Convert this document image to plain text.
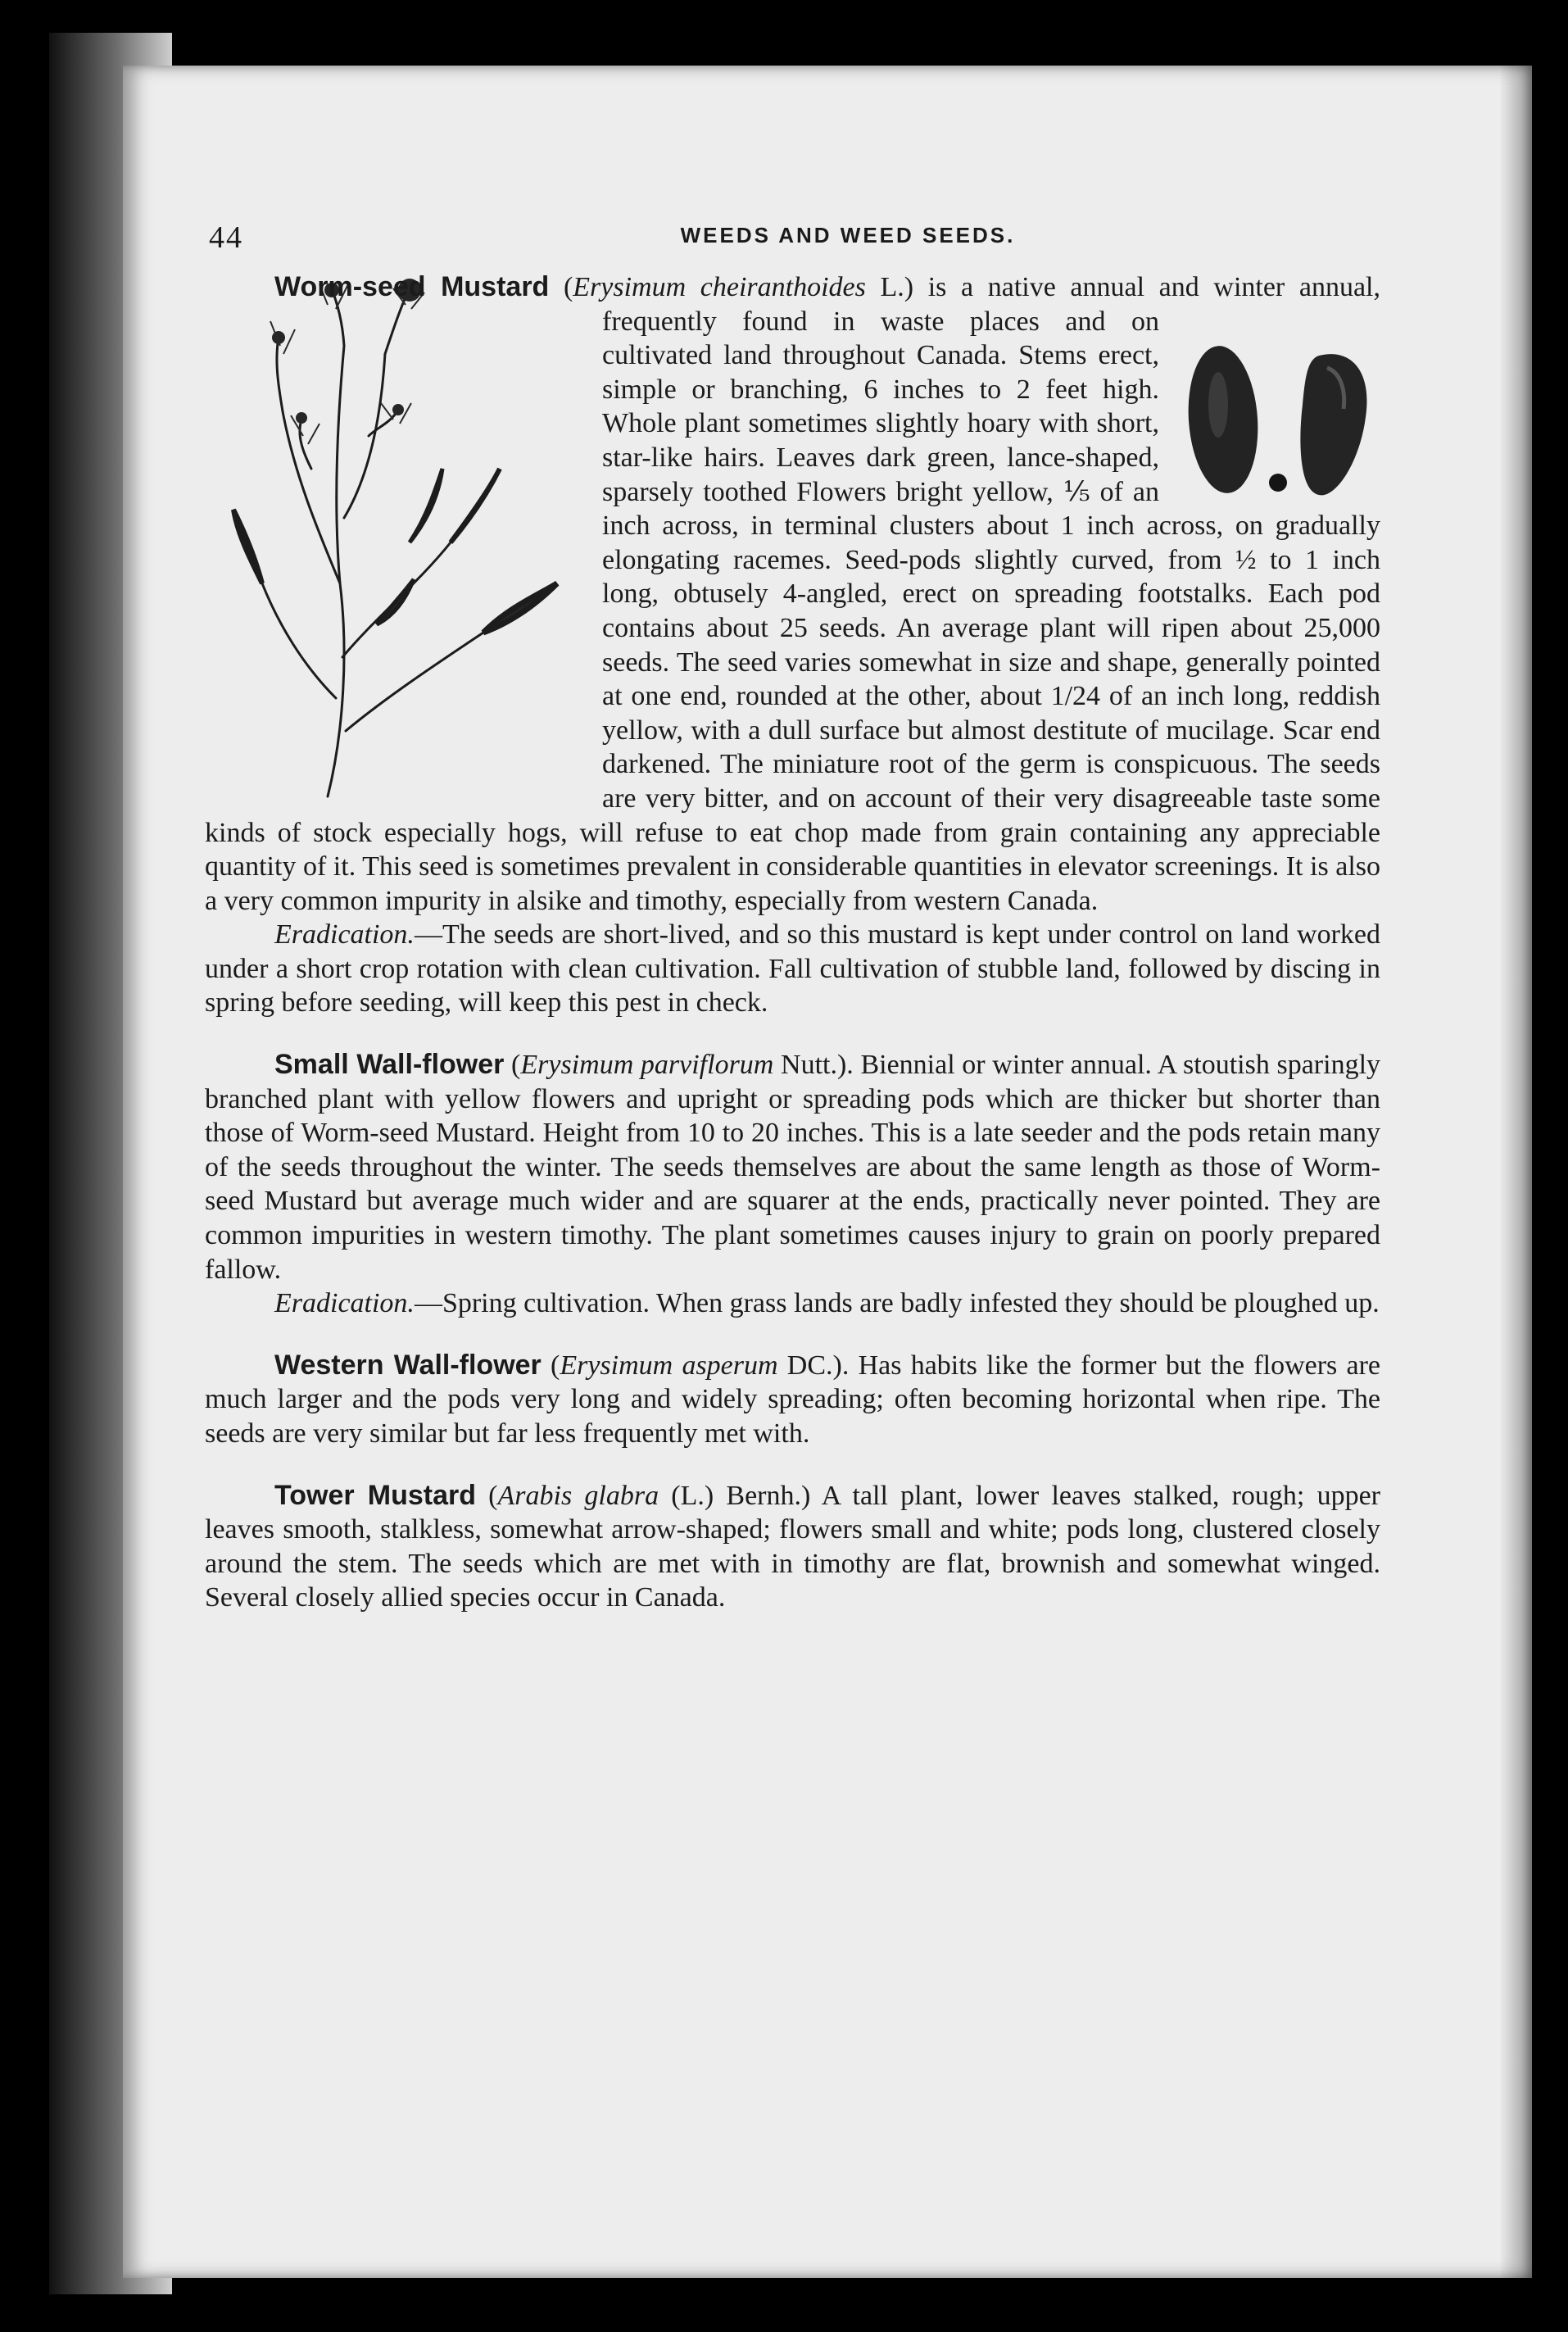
44	WEEDS AND WEED SEEDS.

Worm-seed Mustard (Erysimum cheiranthoides L.)
is a native annual and winter annual, frequently found in waste places and on cultivated land throughout Canada. Stems erect, simple or branching, 6 inches to 2 feet high. Whole plant sometimes slightly hoary with short, star-like hairs. Leaves dark green, lance-shaped, sparsely toothed Flowers bright yellow, ⅕ of an inch across, in terminal clusters about 1 inch across, on gradually elongating racemes. Seed-pods slightly curved, from ½ to 1 inch long, obtusely 4-angled, erect on spreading footstalks. Each pod contains about 25 seeds. An average plant will ripen about 25,000 seeds. The seed varies somewhat in size and shape, generally pointed at one end, rounded at the other, about 1/24 of an inch long, reddish yellow, with a dull surface but almost destitute of mucilage. Scar end darkened. The miniature root of the germ is conspicuous. The seeds are very bitter, and on account of their very disagreeable taste some kinds of stock especially hogs, will refuse to eat chop made from grain containing any appreciable quantity of it. This seed is sometimes prevalent in considerable quantities in elevator screenings. It is also a very common impurity in alsike and timothy, especially from western Canada.

Eradication.—The seeds are short-lived, and so this mustard is kept under control on land worked under a short crop rotation with clean cultivation. Fall cultivation of stubble land, followed by discing in spring before seeding, will keep this pest in check.

Small Wall-flower (Erysimum parviflorum Nutt.). Biennial or winter annual. A stoutish sparingly branched plant with yellow flowers and upright or spreading pods which are thicker but shorter than those of Worm-seed Mustard. Height from 10 to 20 inches. This is a late seeder and the pods retain many of the seeds throughout the winter. The seeds themselves are about the same length as those of Worm-seed Mustard but average much wider and are squarer at the ends, practically never pointed. They are common impurities in western timothy. The plant sometimes causes injury to grain on poorly prepared fallow.

Eradication.—Spring cultivation. When grass lands are badly infested they should be ploughed up.

Western Wall-flower (Erysimum asperum DC.). Has habits like the former but the flowers are much larger and the pods very long and widely spreading; often becoming horizontal when ripe. The seeds are very similar but far less frequently met with.

Tower Mustard (Arabis glabra (L.) Bernh.) A tall plant, lower leaves stalked, rough; upper leaves smooth, stalkless, somewhat arrow-shaped; flowers small and white; pods long, clustered closely around the stem. The seeds which are met with in timothy are flat, brownish and somewhat winged. Several closely allied species occur in Canada.
